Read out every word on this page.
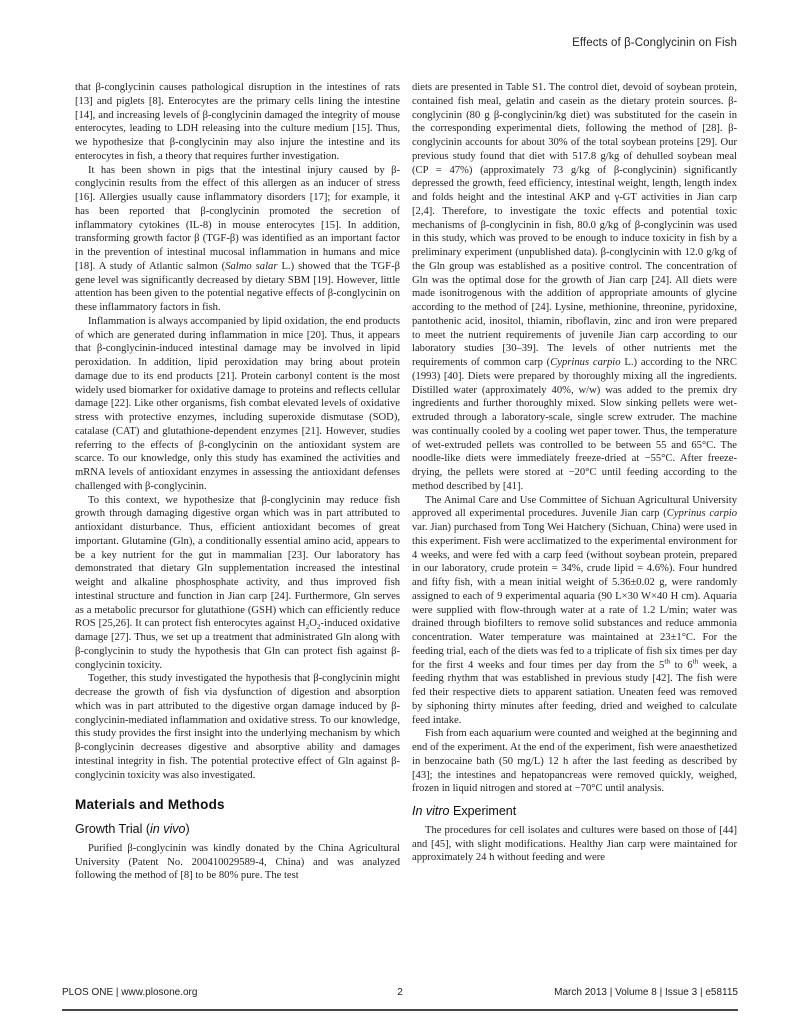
Effects of β-Conglycinin on Fish

that β-conglycinin causes pathological disruption in the intestines of rats [13] and piglets [8]. Enterocytes are the primary cells lining the intestine [14], and increasing levels of β-conglycinin damaged the integrity of mouse enterocytes, leading to LDH releasing into the culture medium [15]. Thus, we hypothesize that β-conglycinin may also injure the intestine and its enterocytes in fish, a theory that requires further investigation.

It has been shown in pigs that the intestinal injury caused by β-conglycinin results from the effect of this allergen as an inducer of stress [16]. Allergies usually cause inflammatory disorders [17]; for example, it has been reported that β-conglycinin promoted the secretion of inflammatory cytokines (IL-8) in mouse enterocytes [15]. In addition, transforming growth factor β (TGF-β) was identified as an important factor in the prevention of intestinal mucosal inflammation in humans and mice [18]. A study of Atlantic salmon (Salmo salar L.) showed that the TGF-β gene level was significantly decreased by dietary SBM [19]. However, little attention has been given to the potential negative effects of β-conglycinin on these inflammatory factors in fish.

Inflammation is always accompanied by lipid oxidation, the end products of which are generated during inflammation in mice [20]. Thus, it appears that β-conglycinin-induced intestinal damage may be involved in lipid peroxidation. In addition, lipid peroxidation may bring about protein damage due to its end products [21]. Protein carbonyl content is the most widely used biomarker for oxidative damage to proteins and reflects cellular damage [22]. Like other organisms, fish combat elevated levels of oxidative stress with protective enzymes, including superoxide dismutase (SOD), catalase (CAT) and glutathione-dependent enzymes [21]. However, studies referring to the effects of β-conglycinin on the antioxidant system are scarce. To our knowledge, only this study has examined the activities and mRNA levels of antioxidant enzymes in assessing the antioxidant defenses challenged with β-conglycinin.

To this context, we hypothesize that β-conglycinin may reduce fish growth through damaging digestive organ which was in part attributed to antioxidant disturbance. Thus, efficient antioxidant becomes of great important. Glutamine (Gln), a conditionally essential amino acid, appears to be a key nutrient for the gut in mammalian [23]. Our laboratory has demonstrated that dietary Gln supplementation increased the intestinal weight and alkaline phosphosphate activity, and thus improved fish intestinal structure and function in Jian carp [24]. Furthermore, Gln serves as a metabolic precursor for glutathione (GSH) which can efficiently reduce ROS [25,26]. It can protect fish enterocytes against $H_2O_2$-induced oxidative damage [27]. Thus, we set up a treatment that administrated Gln along with β-conglycinin to study the hypothesis that Gln can protect fish against β-conglycinin toxicity.

Together, this study investigated the hypothesis that β-conglycinin might decrease the growth of fish via dysfunction of digestion and absorption which was in part attributed to the digestive organ damage induced by β-conglycinin-mediated inflammation and oxidative stress. To our knowledge, this study provides the first insight into the underlying mechanism by which β-conglycinin decreases digestive and absorptive ability and damages intestinal integrity in fish. The potential protective effect of Gln against β-conglycinin toxicity was also investigated.

Materials and Methods
Growth Trial (in vivo)

Purified β-conglycinin was kindly donated by the China Agricultural University (Patent No. 200410029589-4, China) and was analyzed following the method of [8] to be 80% pure. The test

diets are presented in Table S1. The control diet, devoid of soybean protein, contained fish meal, gelatin and casein as the dietary protein sources. β-conglycinin (80 g β-conglycinin/kg diet) was substituted for the casein in the corresponding experimental diets, following the method of [28]. β-conglycinin accounts for about 30% of the total soybean proteins [29]. Our previous study found that diet with 517.8 g/kg of dehulled soybean meal (CP = 47%) (approximately 73 g/kg of β-conglycinin) significantly depressed the growth, feed efficiency, intestinal weight, length, length index and folds height and the intestinal AKP and γ-GT activities in Jian carp [2,4]. Therefore, to investigate the toxic effects and potential toxic mechanisms of β-conglycinin in fish, 80.0 g/kg of β-conglycinin was used in this study, which was proved to be enough to induce toxicity in fish by a preliminary experiment (unpublished data). β-conglycinin with 12.0 g/kg of the Gln group was established as a positive control. The concentration of Gln was the optimal dose for the growth of Jian carp [24]. All diets were made isonitrogenous with the addition of appropriate amounts of glycine according to the method of [24]. Lysine, methionine, threonine, pyridoxine, pantothenic acid, inositol, thiamin, riboflavin, zinc and iron were prepared to meet the nutrient requirements of juvenile Jian carp according to our laboratory studies [30–39]. The levels of other nutrients met the requirements of common carp (Cyprinus carpio L.) according to the NRC (1993) [40]. Diets were prepared by thoroughly mixing all the ingredients. Distilled water (approximately 40%, w/w) was added to the premix dry ingredients and further thoroughly mixed. Slow sinking pellets were wet-extruded through a laboratory-scale, single screw extruder. The machine was continually cooled by a cooling wet paper tower. Thus, the temperature of wet-extruded pellets was controlled to be between 55 and 65°C. The noodle-like diets were immediately freeze-dried at −55°C. After freeze-drying, the pellets were stored at −20°C until feeding according to the method described by [41].

The Animal Care and Use Committee of Sichuan Agricultural University approved all experimental procedures. Juvenile Jian carp (Cyprinus carpio var. Jian) purchased from Tong Wei Hatchery (Sichuan, China) were used in this experiment. Fish were acclimatized to the experimental environment for 4 weeks, and were fed with a carp feed (without soybean protein, prepared in our laboratory, crude protein = 34%, crude lipid = 4.6%). Four hundred and fifty fish, with a mean initial weight of 5.36±0.02 g, were randomly assigned to each of 9 experimental aquaria (90 L×30 W×40 H cm). Aquaria were supplied with flow-through water at a rate of 1.2 L/min; water was drained through biofilters to remove solid substances and reduce ammonia concentration. Water temperature was maintained at 23±1°C. For the feeding trial, each of the diets was fed to a triplicate of fish six times per day for the first 4 weeks and four times per day from the 5th to 6th week, a feeding rhythm that was established in previous study [42]. The fish were fed their respective diets to apparent satiation. Uneaten feed was removed by siphoning thirty minutes after feeding, dried and weighed to calculate feed intake.

Fish from each aquarium were counted and weighed at the beginning and end of the experiment. At the end of the experiment, fish were anaesthetized in benzocaine bath (50 mg/L) 12 h after the last feeding as described by [43]; the intestines and hepatopancreas were removed quickly, weighed, frozen in liquid nitrogen and stored at −70°C until analysis.

In vitro Experiment

The procedures for cell isolates and cultures were based on those of [44] and [45], with slight modifications. Healthy Jian carp were maintained for approximately 24 h without feeding and were

PLOS ONE | www.plosone.org	2	March 2013 | Volume 8 | Issue 3 | e58115
